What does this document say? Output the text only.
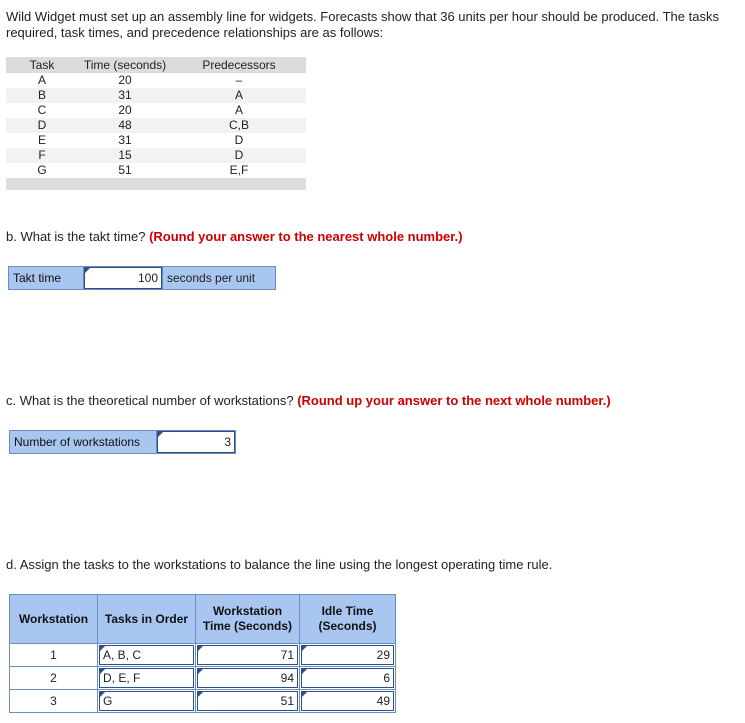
Wild Widget must set up an assembly line for widgets. Forecasts show that 36 units per hour should be produced. The tasks required, task times, and precedence relationships are as follows:
Task	Time (seconds)	Predecessors
A	20	–
B	31	A
C	20	A
D	48	C,B
E	31	D
F	15	D
G	51	E,F

b. What is the takt time? (Round your answer to the nearest whole number.)
Takt time	100 seconds per unit
c. What is the theoretical number of workstations? (Round up your answer to the next whole number.)
Number of workstations	3
d. Assign the tasks to the workstations to balance the line using the longest operating time rule.
Workstation	Tasks in Order	Workstation Time (Seconds)	Idle Time (Seconds)
1	A, B, C	71	29

2	D, E, F	94	6

3	G	51	49
